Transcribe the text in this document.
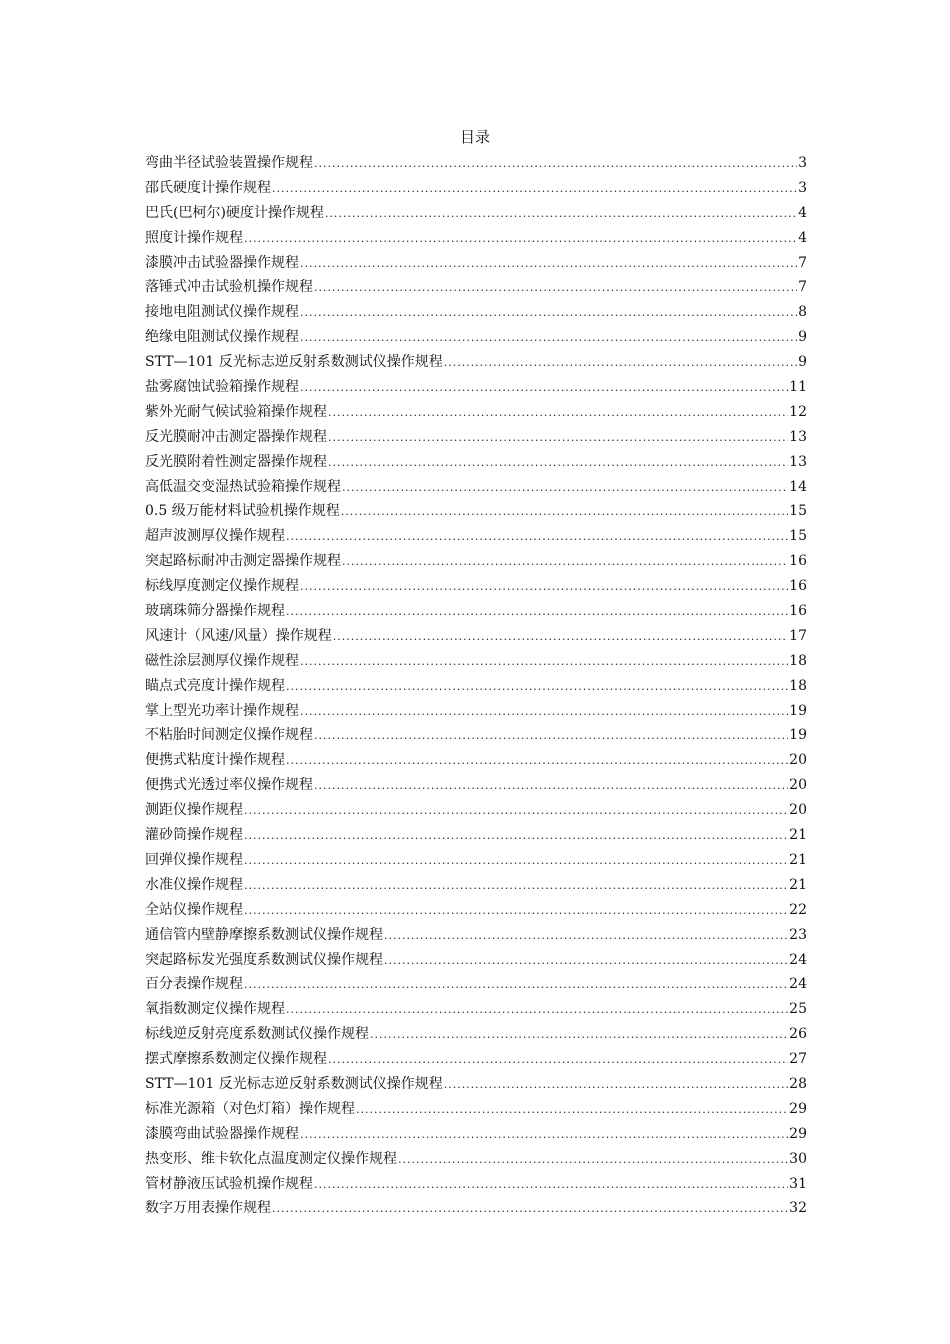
目录
弯曲半径试验装置操作规程 .....	3
邵氏硬度计操作规程 .....	3
巴氏(巴柯尔)硬度计操作规程 .....	4
照度计操作规程 .....	4
漆膜冲击试验器操作规程 .....	7
落锤式冲击试验机操作规程 .....	7
接地电阻测试仪操作规程 .....	8
绝缘电阻测试仪操作规程 .....	9
STT—101 反光标志逆反射系数测试仪操作规程 .....	9
盐雾腐蚀试验箱操作规程 .....	11
紫外光耐气候试验箱操作规程 .....	12
反光膜耐冲击测定器操作规程 .....	13
反光膜附着性测定器操作规程 .....	13
高低温交变湿热试验箱操作规程 .....	14
0.5 级万能材料试验机操作规程 .....	15
超声波测厚仪操作规程 .....	15
突起路标耐冲击测定器操作规程 .....	16
标线厚度测定仪操作规程 .....	16
玻璃珠筛分器操作规程 .....	16
风速计（风速/风量）操作规程 .....	17
磁性涂层测厚仪操作规程 .....	18
瞄点式亮度计操作规程 .....	18
掌上型光功率计操作规程 .....	19
不粘胎时间测定仪操作规程 .....	19
便携式粘度计操作规程 .....	20
便携式光透过率仪操作规程 .....	20
测距仪操作规程 .....	20
灌砂筒操作规程 .....	21
回弹仪操作规程 .....	21
水准仪操作规程 .....	21
全站仪操作规程 .....	22
通信管内壁静摩擦系数测试仪操作规程 .....	23
突起路标发光强度系数测试仪操作规程 .....	24
百分表操作规程 .....	24
氧指数测定仪操作规程 .....	25
标线逆反射亮度系数测试仪操作规程 .....	26
摆式摩擦系数测定仪操作规程 .....	27
STT—101 反光标志逆反射系数测试仪操作规程 .....	28
标准光源箱（对色灯箱）操作规程 .....	29
漆膜弯曲试验器操作规程 .....	29
热变形、维卡软化点温度测定仪操作规程 .....	30
管材静液压试验机操作规程 .....	31
数字万用表操作规程 .....	32
